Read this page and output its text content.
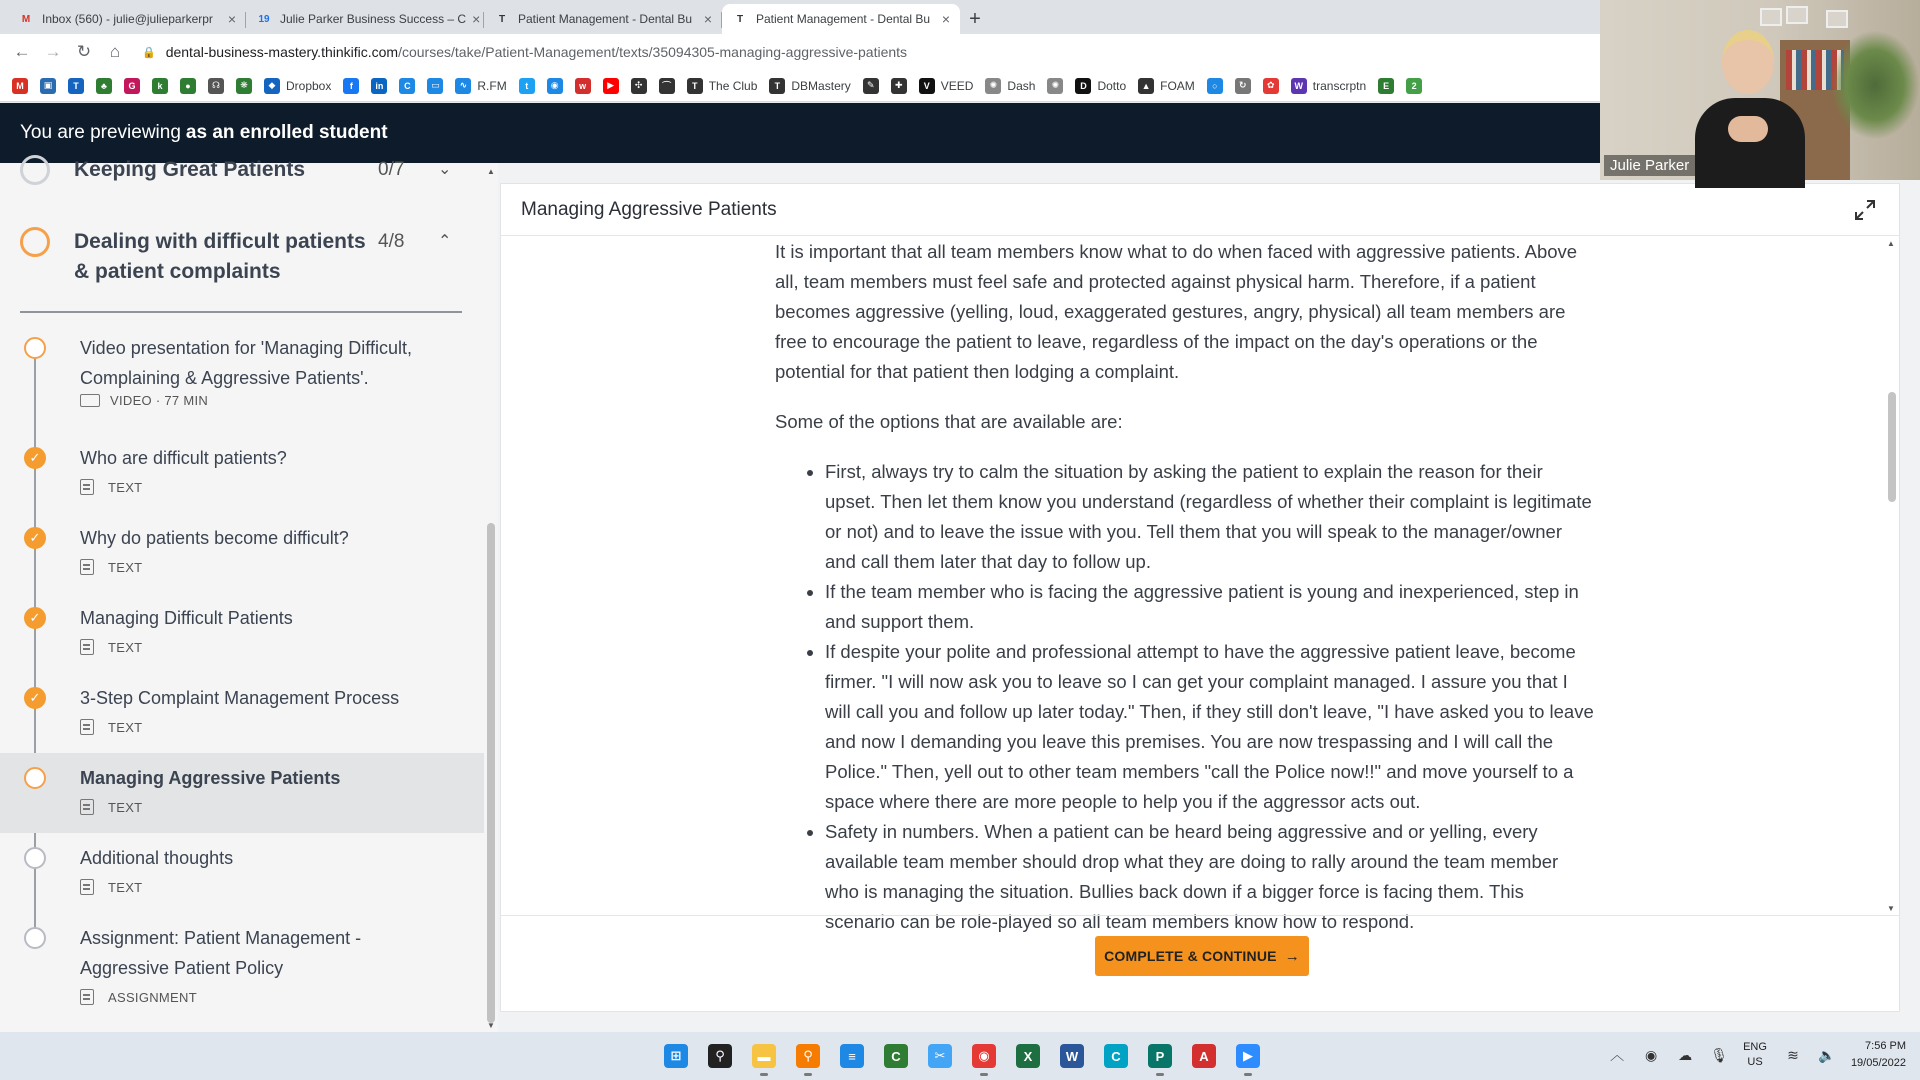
M Inbox (560) - julie@julieparkerpr	× 19 Julie Parker Business Success – C ×	T	Patient Management - Dental Bu ×	T	Patient Management - Dental Bu × +
← → ↻	⌂	🔒 dental-business-mastery.thinkific.com /courses/take/Patient-Management/texts/35094305-managing-aggressive-patients
M	▣	T	♣	G	k	●	☊	❋	◆ Dropbox	f	in	C	▭	∿ R.FM	t	◉	w	▶	✣	⌒	T The Club	T DBMastery	✎	✚	V VEED	✺ Dash	✺	D Dotto	▲ FOAM	○	↻	✿	W transcrptn	E	2
You are previewing as an enrolled student
Keeping Great Patients	0/7	⌄
Dealing with difficult patients & patient complaints
4/8	⌃
Video presentation for 'Managing Difficult, Complaining & Aggressive Patients'.
VIDEO · 77 MIN
✓	Who are difficult patients?
TEXT
✓	Why do patients become difficult?
TEXT
✓	Managing Difficult Patients
TEXT
✓	3-Step Complaint Management Process
TEXT
Managing Aggressive Patients
TEXT
Additional thoughts
TEXT
Assignment: Patient Management - Aggressive Patient Policy
ASSIGNMENT
▲
▼
Managing Aggressive Patients

It is important that all team members know what to do when faced with aggressive patients. Above all, team members must feel safe and protected against physical harm. Therefore, if a patient becomes aggressive (yelling, loud, exaggerated gestures, angry, physical) all team members are free to encourage the patient to leave, regardless of the impact on the day's operations or the potential for that patient then lodging a complaint.

Some of the options that are available are:

• First, always try to calm the situation by asking the patient to explain the reason for their upset. Then let them know you understand (regardless of whether their complaint is legitimate or not) and to leave the issue with you. Tell them that you will speak to the manager/owner and call them later that day to follow up.
• If the team member who is facing the aggressive patient is young and inexperienced, step in and support them.
• If despite your polite and professional attempt to have the aggressive patient leave, become firmer. "I will now ask you to leave so I can get your complaint managed. I assure you that I will call you and follow up later today." Then, if they still don't leave, "I have asked you to leave and now I demanding you leave this premises. You are now trespassing and I will call the Police." Then, yell out to other team members "call the Police now!!" and move yourself to a space where there are more people to help you if the aggressor acts out.
• Safety in numbers. When a patient can be heard being aggressive and or yelling, every available team member should drop what they are doing to rally around the team member who is managing the situation. Bullies back down if a bigger force is facing them. This scenario can be role-played so all team members know how to respond.
▲
▼
COMPLETE & CONTINUE →
Julie Parker
⊞	⚲	▬	⚲	≡	C	✂	◉	X	W	C	P	A	▶	︿ ◉ ☁ 🎙 ENG
US	≋ 🔈
7:56 PM
19/05/2022
